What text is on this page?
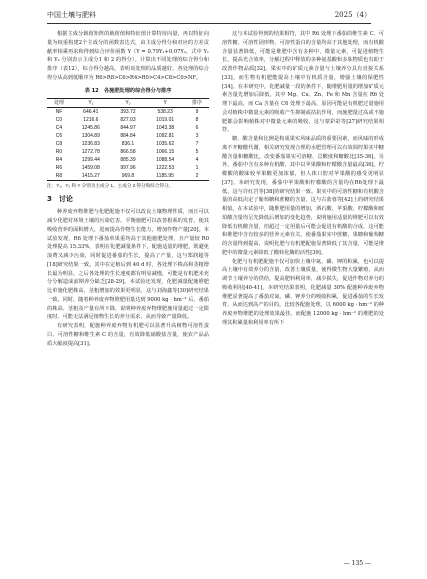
中国土壤与肥料	2025（4）

根据主成分载荷矩阵的载荷值和特征值计算特征向量，再以特征向量为权重构建2个主成分的函数表达式，由主成分得分和对应的方差贡献率相乘再求和得到综合评价函数 Y（Y = 0.79Y₁+0.07Y₂，式中 Y₁ 和 Y₂ 分别表示主成分1 和 2 的得分）。计算出不同处理的综合得分和排序（表12），综合得分越高，表明该处理的品质越好。各处理的综合得分从高到低顺序为 R6>R8>C6>R4>R0>C4>C8>C0>NF。

表 12　各施肥处理的综合得分与排序
处理	Y₁	Y₂	Y	排序
NF	646.41	393.72	538.23	9
C0	1216.6	827.03	1019.01	8
C4	1245.86	844.97	1043.38	6
C6	1304.89	884.84	1092.81	3
C8	1236.83	836.1	1035.62	7
R0	1272.78	866.58	1066.15	5
R4	1299.44	885.39	1088.54	4
R6	1459.08	997.96	1222.53	1
R8	1415.27	969.8	1185.95	2
注：Y₁、Y₂ 和 Y 分别为主成分 1、主成分 2 得分和综合得分。
3　讨论

种养废弃物堆肥与化肥配施不仅可以改良土壤物理性质，而且可以减少化肥对环境土壤的污染危害。平衡施肥可以改善根系的发育，使其吸收营养的面积增大，进而提高作物生长能力，增加作物产量[20]。本试验发现，R6 处理下番茄单果重均高于其他施肥处理，且产量较 R0 处理提高 15.33%，表明在化肥减量条件下，配施适量的堆肥，既避免浪费又减少污染，同时促进番茄的生长，提高了产量，这与郑润超等[18]研究结果一致。其中在定植后到 40 d 时，各处理下株高和茎粗增长最为明显，之后各处理的生长速度都有明显减慢，可能是有机肥未充分分解造成前期养分缺乏[28-29]。本试验还发现，化肥减量配施堆肥比单施化肥株高、茎粗增加的效果更明显，这与刘海鑫等[30]研究结果一致。同时，随着种养废弃物堆肥用量达到 9000 kg · hm⁻² 后，番茄的株高、茎粗及产量有所下降，说明种养废弃物堆肥施用量超过一定限度时，可能无法满足植物生长的养分需求，从而导致产量降低。

有研究表明，配施种养废弃物有机肥可以显著升高植物可溶性蛋白、可溶性糖和维生素 C 的含量，有效降低硝酸盐含量，使农产品品质大幅度提高[31]。

这与本试验得到的结果相符，其中 R6 处理下番茄的维生素 C、可溶性糖、可溶性固形物、可溶性蛋白的含量均高于其他处理，而有机酸含量显著降低，可能是堆肥中含有多种中、微量元素，可促进植物生长，提高光合效率，分解过程中释放的多种氨基酸和多肽物质也有助于改善作物品质[32]。果实中的矿质元素含量与土壤养分具有直接关系[33]，而生物有机肥能提高土壤中有机质含量，增强土壤的保肥性[34]。在本研究中，化肥减量一段的条件下，随堆肥用量的增加矿质元素含量先增加后降低，其中 Mg、Cu、Zn、Fe 和 Mn 含量在 R6 处理下最高，而 Ca 含量在 C6 处理下最高，原因可能是有机肥过量施用会对植株中微量元素的吸收产生抑制或拮抗作用，而施肥量过高或不施肥都会影响植株对中微量元素的吸收，这与蒙彩彩等[27]研究结果相符。

糖、酸含量和比例是构成果实风味品质的重要因素，而风味的形成离不开糖酸代谢，相关研究发现合理的水肥管理可以有效调控果实中糖酸含量和糖酸比，改变番茄果实可溶糖、总酸度和糖酸比[35-36]。另外，番茄中含有多种有机酸，其中以苹果酸和柠檬酸含量最高[36]。柠檬酸的酸味较苹果酸更加浓郁，但人体口腔对苹果酸的感受更明显[37]。本研究发现，番茄中苹果酸和柠檬酸的含量均在R6处理下最低，这与许红岩等[38]的研究结果一致。果实中的可溶性糖和有机酸含量的高低决定了葡萄糖和蔗糖的含量，这与古蓝蓉等[42]上的研究结果相似。在本试验中，随堆肥用量的增加，酒石酸、苹果酸、柠檬酸和琥珀酸含量均呈先降低后增加的变化趋势，说明施用适量的堆肥可以有效降低有机酸含量，但超过一定用量后可能会促进有机酸的合成，这可能和堆肥中含有较多的营养元素有关，使番茄果实中蔗糖、果糖和葡萄糖的含量得到提高，说明化肥与有机肥配施显著降低了其含量，可能是堆肥中的微量元素降低了酸转化酶的活性[39]。

化肥与有机肥配施不仅可加快土壤中氮、磷、钾的积累，也可以提高土壤中有效养分的含量，改善土壤质量，使得微生物大量繁殖，从而调节土壤养分的供给，提高肥料利用率，减少损失，促进作物对养分的吸收利用[40-41]。本研究结果表明，化肥减量 30% 配施种养废弃物堆肥显著提高了番茄对氮、磷、钾养分的吸收积累，促进番茄的生长发育，从而达到高产的目的。比较各配施处理，以 6000 kg · hm⁻² 的种养废弃物堆肥的处理效果最佳。而配施 12000 kg · hm⁻² 的堆肥的处理其积累量和利用率有所下

— 135 —
